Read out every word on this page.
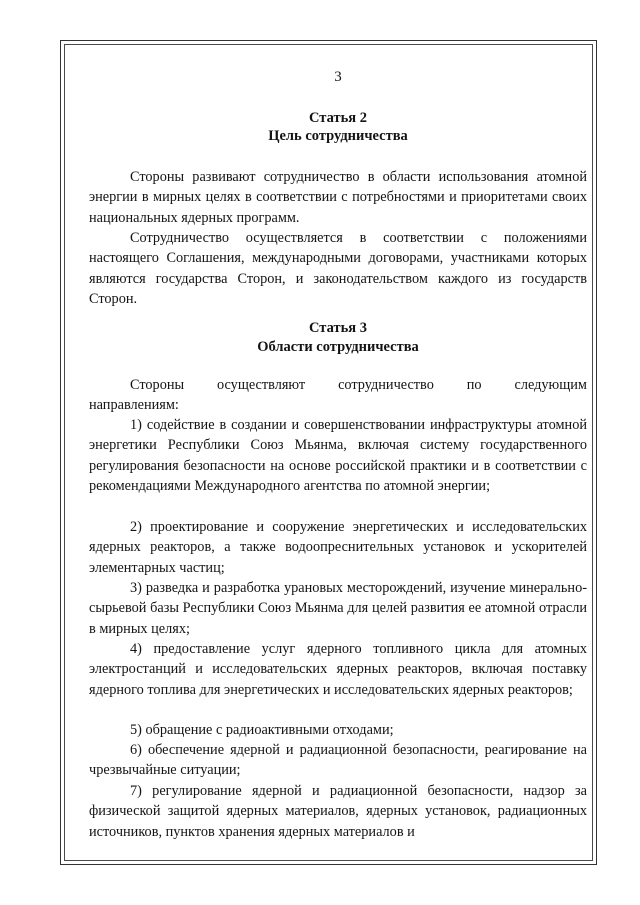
3
Статья 2
Цель сотрудничества
Стороны развивают сотрудничество в области использования атомной энергии в мирных целях в соответствии с потребностями и приоритетами своих национальных ядерных программ.
Сотрудничество осуществляется в соответствии с положениями настоящего Соглашения, международными договорами, участниками которых являются государства Сторон, и законодательством каждого из государств Сторон.
Статья 3
Области сотрудничества
Стороны осуществляют сотрудничество по следующим
направлениям:
1) содействие в создании и совершенствовании инфраструктуры атомной энергетики Республики Союз Мьянма, включая систему государственного регулирования безопасности на основе российской практики и в соответствии с рекомендациями Международного агентства по атомной энергии;
2) проектирование и сооружение энергетических и исследовательских ядерных реакторов, а также водоопреснительных установок и ускорителей элементарных частиц;
3) разведка и разработка урановых месторождений, изучение минерально-сырьевой базы Республики Союз Мьянма для целей развития ее атомной отрасли в мирных целях;
4) предоставление услуг ядерного топливного цикла для атомных электростанций и исследовательских ядерных реакторов, включая поставку ядерного топлива для энергетических и исследовательских ядерных реакторов;
5) обращение с радиоактивными отходами;
6) обеспечение ядерной и радиационной безопасности, реагирование на чрезвычайные ситуации;
7) регулирование ядерной и радиационной безопасности, надзор за физической защитой ядерных материалов, ядерных установок, радиационных источников, пунктов хранения ядерных материалов и
